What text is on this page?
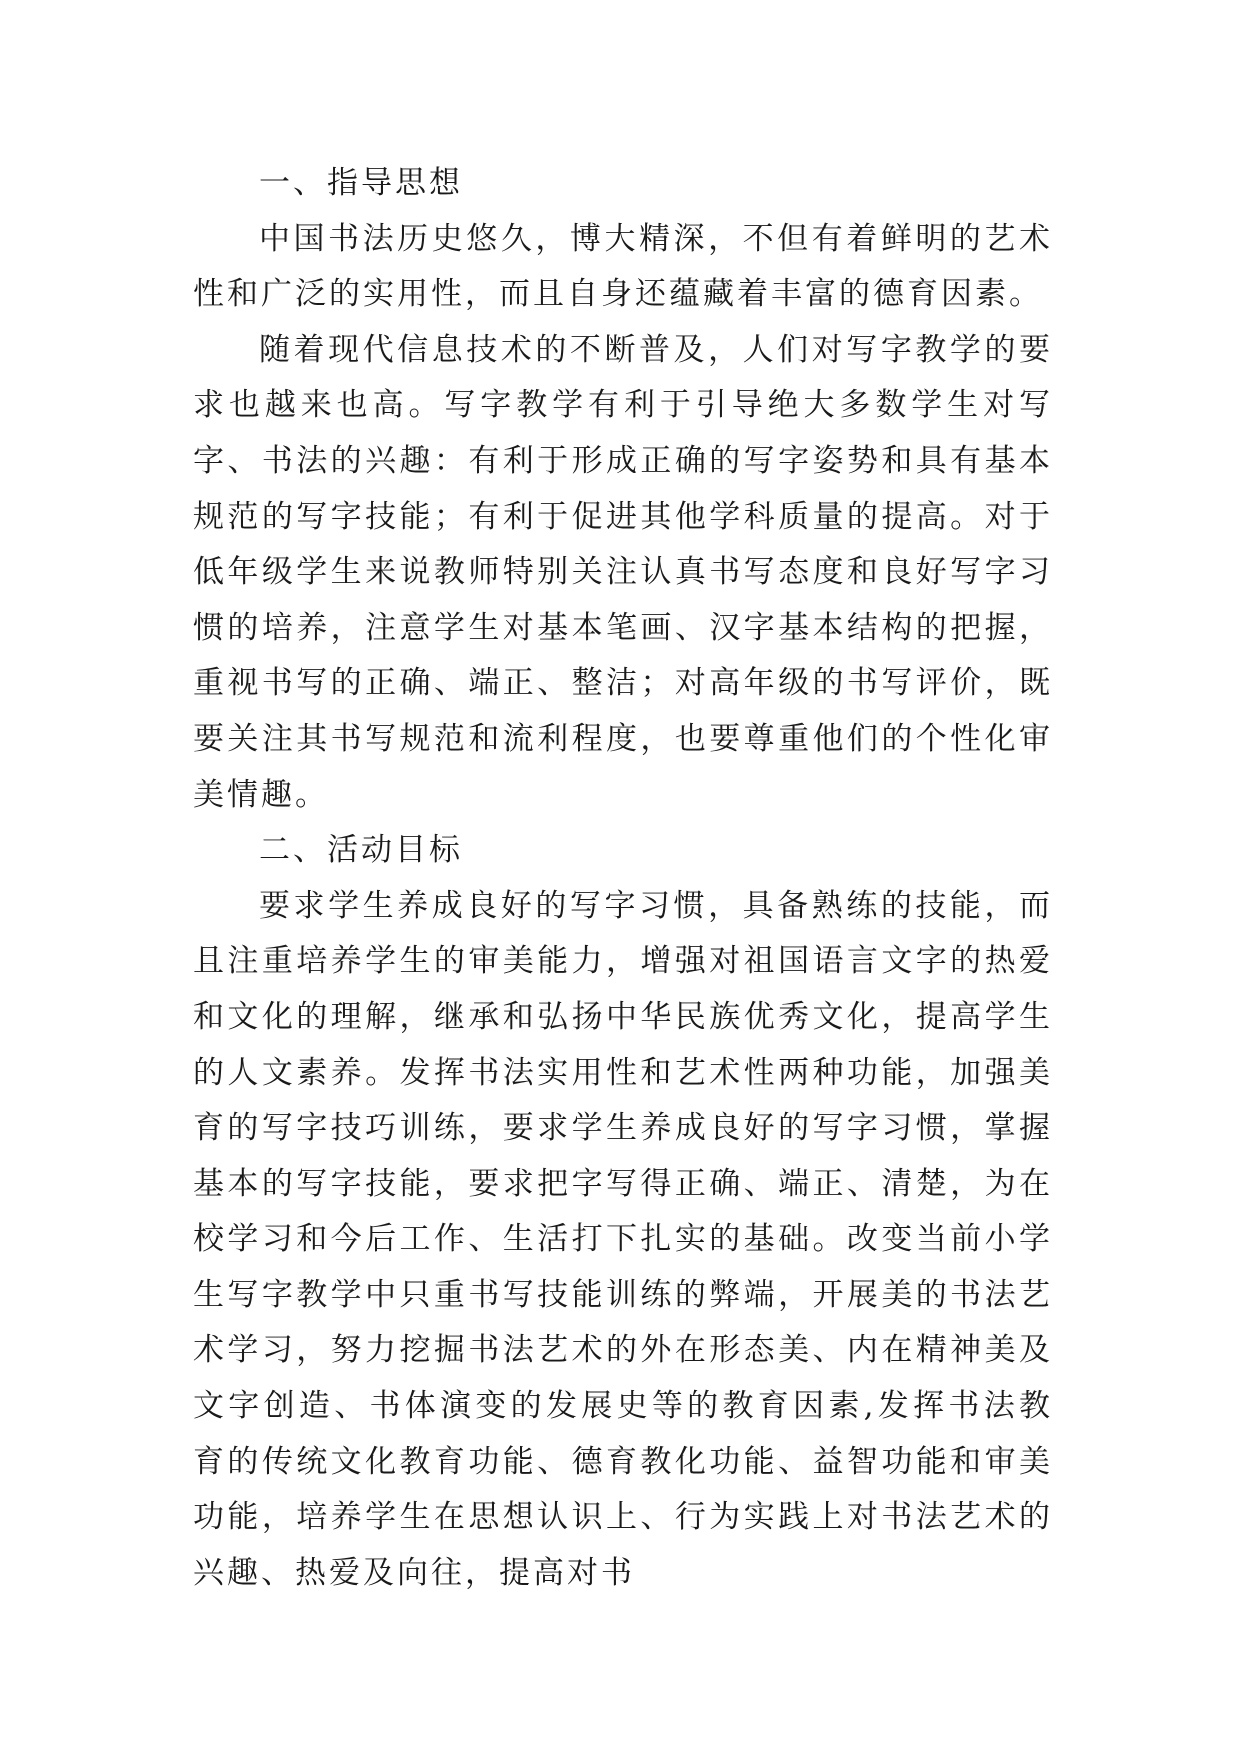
一、指导思想

中国书法历史悠久，博大精深，不但有着鲜明的艺术性和广泛的实用性，而且自身还蕴藏着丰富的德育因素。

随着现代信息技术的不断普及，人们对写字教学的要求也越来也高。写字教学有利于引导绝大多数学生对写字、书法的兴趣：有利于形成正确的写字姿势和具有基本规范的写字技能；有利于促进其他学科质量的提高。对于低年级学生来说教师特别关注认真书写态度和良好写字习惯的培养，注意学生对基本笔画、汉字基本结构的把握，重视书写的正确、端正、整洁；对高年级的书写评价，既要关注其书写规范和流利程度，也要尊重他们的个性化审美情趣。

二、活动目标

要求学生养成良好的写字习惯，具备熟练的技能，而且注重培养学生的审美能力，增强对祖国语言文字的热爱和文化的理解，继承和弘扬中华民族优秀文化，提高学生的人文素养。发挥书法实用性和艺术性两种功能，加强美育的写字技巧训练，要求学生养成良好的写字习惯，掌握基本的写字技能，要求把字写得正确、端正、清楚，为在校学习和今后工作、生活打下扎实的基础。改变当前小学生写字教学中只重书写技能训练的弊端，开展美的书法艺术学习，努力挖掘书法艺术的外在形态美、内在精神美及文字创造、书体演变的发展史等的教育因素,发挥书法教育的传统文化教育功能、德育教化功能、益智功能和审美功能，培养学生在思想认识上、行为实践上对书法艺术的兴趣、热爱及向往，提高对书
